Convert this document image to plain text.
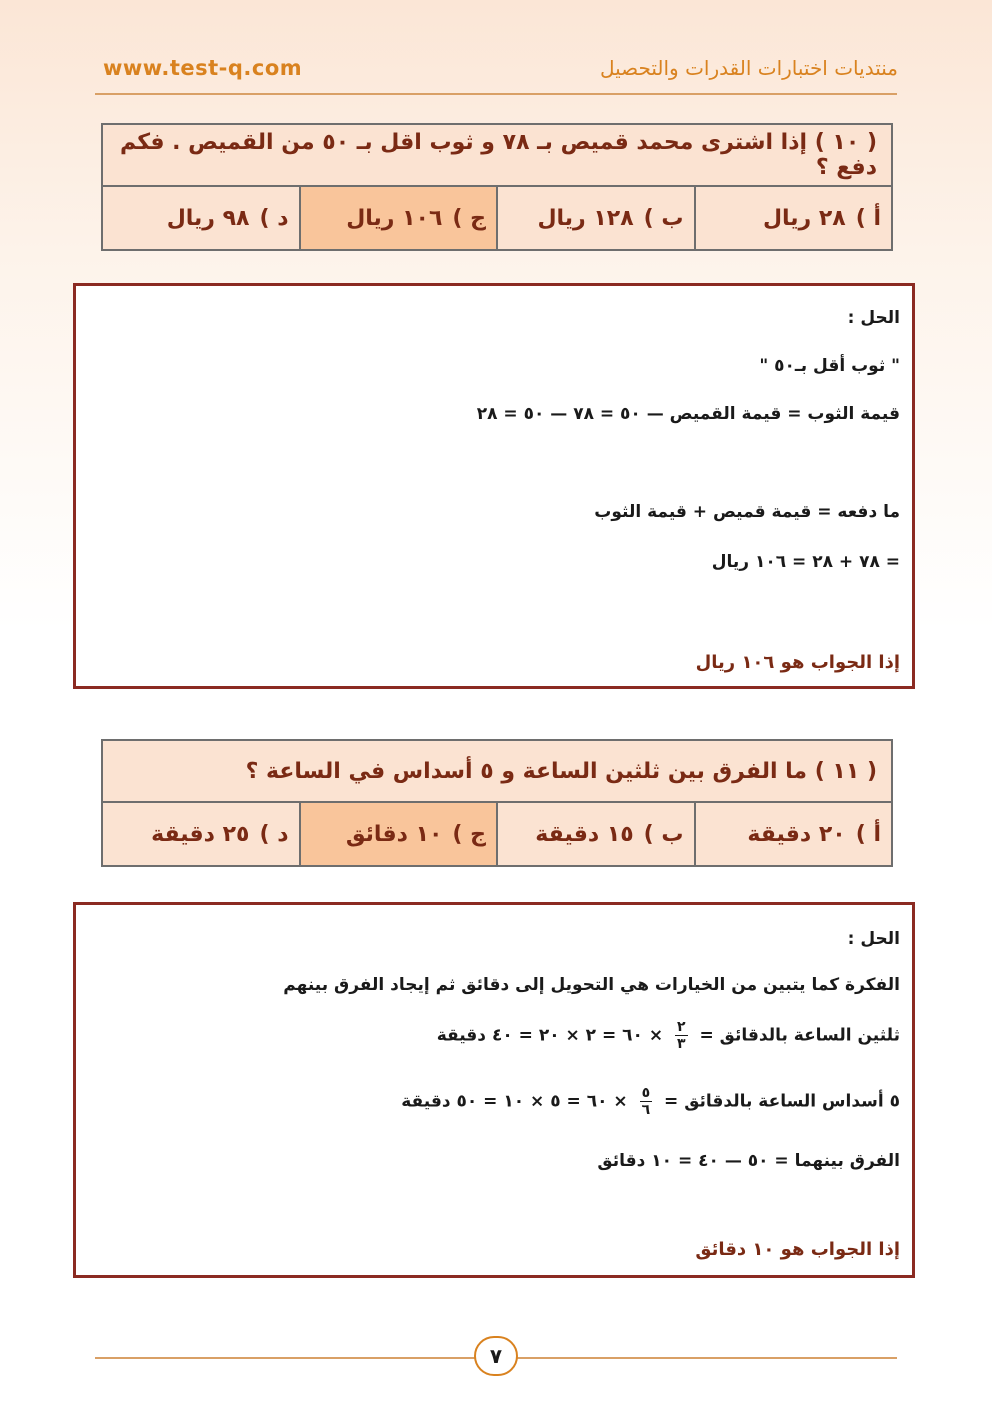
www.test-q.com	منتديات اختبارات القدرات والتحصيل
( ١٠ ) إذا اشترى محمد قميص بـ ٧٨ و ثوب اقل بـ ٥٠ من القميص . فكم دفع ؟
أ )
٢٨ ريال
ب )
١٢٨ ريال
ج )
١٠٦ ريال
د )
٩٨ ريال
الحل :
" ثوب أقل بـ٥٠ "
قيمة الثوب = قيمة القميص — ٥٠ = ٧٨ — ٥٠ = ٢٨
ما دفعه = قيمة قميص + قيمة الثوب
= ٧٨ + ٢٨ = ١٠٦ ريال
إذا الجواب هو ١٠٦ ريال
( ١١ ) ما الفرق بين ثلثين الساعة و ٥ أسداس في الساعة ؟
أ )
٢٠ دقيقة
ب )
١٥ دقيقة
ج )
١٠ دقائق
د )
٢٥ دقيقة
الحل :
الفكرة كما يتبين من الخيارات هي التحويل إلى دقائق ثم إيجاد الفرق بينهم
ثلثين الساعة بالدقائق =
$\frac{٢}{٣}$
× ٦٠ = ٢ × ٢٠ = ٤٠ دقيقة
٥ أسداس الساعة بالدقائق =
$\frac{٥}{٦}$
× ٦٠ = ٥ × ١٠ = ٥٠ دقيقة
الفرق بينهما = ٥٠ — ٤٠ = ١٠ دقائق
إذا الجواب هو ١٠ دقائق
٧
